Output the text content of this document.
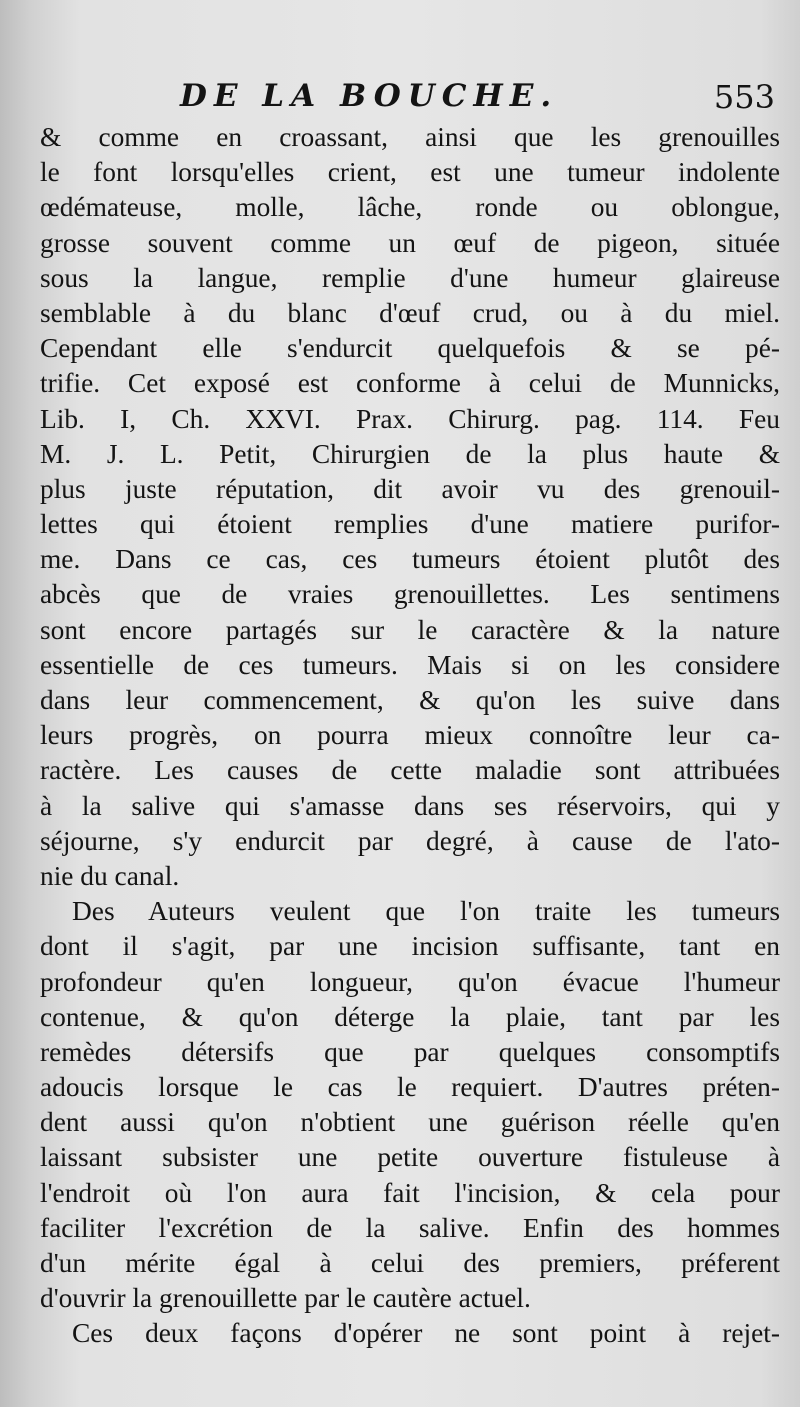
DE LA BOUCHE.	553
& comme en croassant, ainsi que les grenouilles
le font lorsqu'elles crient, est une tumeur indolente
œdémateuse, molle, lâche, ronde ou oblongue,
grosse souvent comme un œuf de pigeon, située
sous la langue, remplie d'une humeur glaireuse
semblable à du blanc d'œuf crud, ou à du miel.
Cependant elle s'endurcit quelquefois & se pé-
trifie. Cet exposé est conforme à celui de Munnicks,
Lib. I, Ch. XXVI. Prax. Chirurg. pag. 114. Feu
M. J. L. Petit, Chirurgien de la plus haute &
plus juste réputation, dit avoir vu des grenouil-
lettes qui étoient remplies d'une matiere purifor-
me. Dans ce cas, ces tumeurs étoient plutôt des
abcès que de vraies grenouillettes. Les sentimens
sont encore partagés sur le caractère & la nature
essentielle de ces tumeurs. Mais si on les considere
dans leur commencement, & qu'on les suive dans
leurs progrès, on pourra mieux connoître leur ca-
ractère. Les causes de cette maladie sont attribuées
à la salive qui s'amasse dans ses réservoirs, qui y
séjourne, s'y endurcit par degré, à cause de l'ato-
nie du canal.
Des Auteurs veulent que l'on traite les tumeurs
dont il s'agit, par une incision suffisante, tant en
profondeur qu'en longueur, qu'on évacue l'humeur
contenue, & qu'on déterge la plaie, tant par les
remèdes détersifs que par quelques consomptifs
adoucis lorsque le cas le requiert. D'autres préten-
dent aussi qu'on n'obtient une guérison réelle qu'en
laissant subsister une petite ouverture fistuleuse à
l'endroit où l'on aura fait l'incision, & cela pour
faciliter l'excrétion de la salive. Enfin des hommes
d'un mérite égal à celui des premiers, préferent
d'ouvrir la grenouillette par le cautère actuel.
Ces deux façons d'opérer ne sont point à rejet-
